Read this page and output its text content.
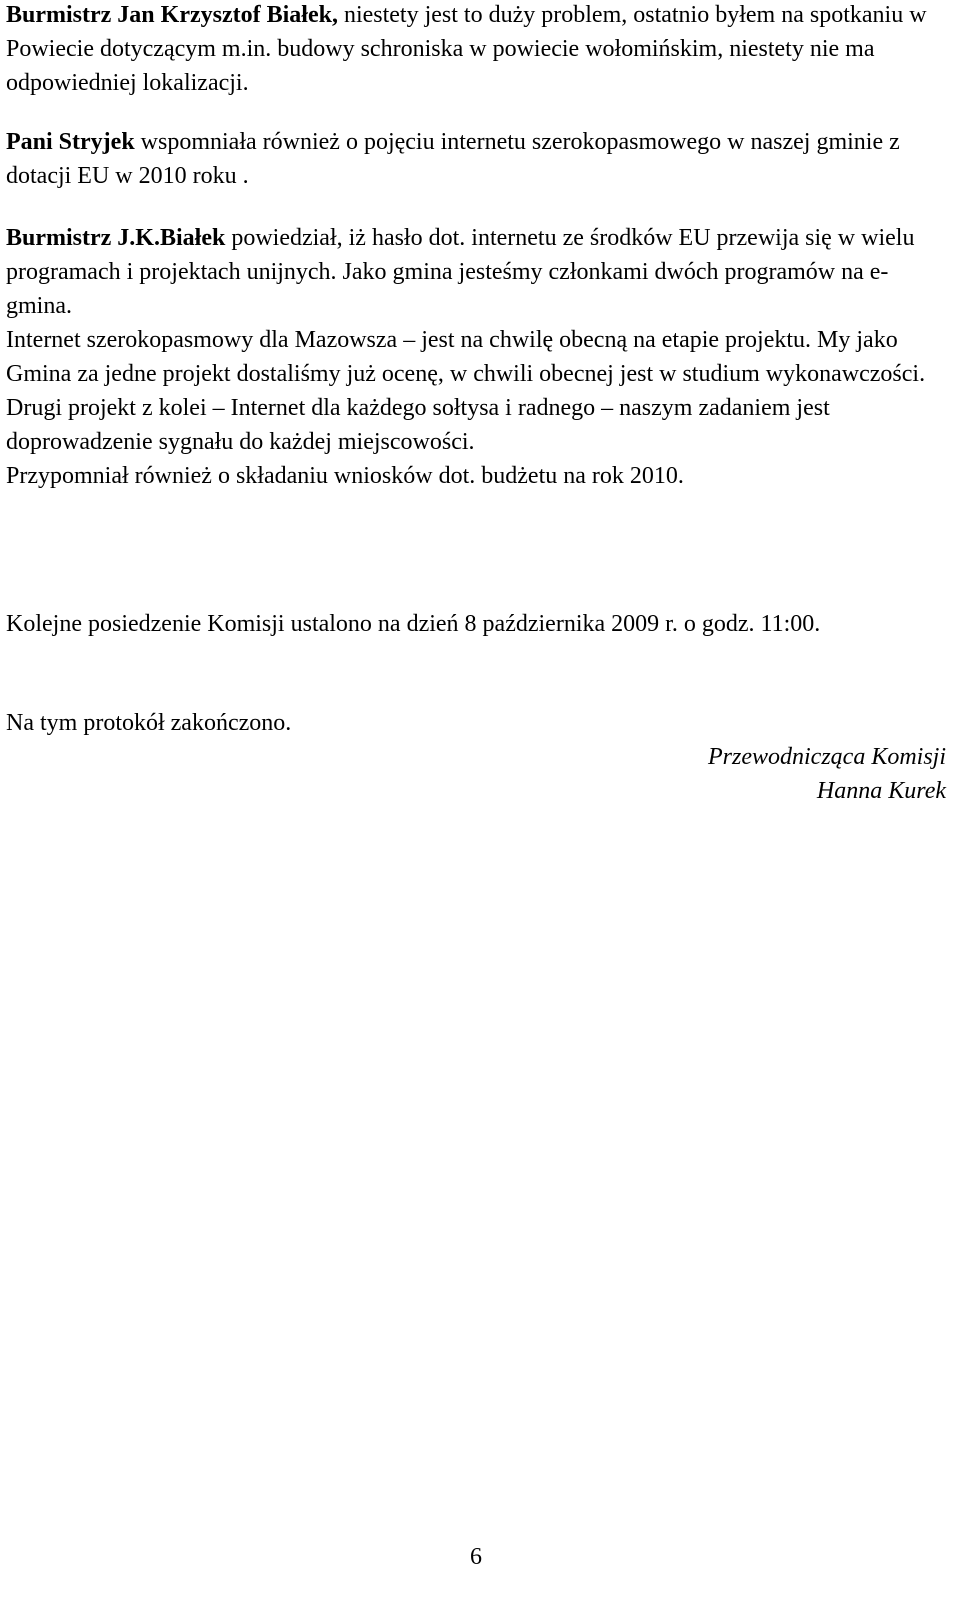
Burmistrz Jan Krzysztof Białek, niestety jest to duży problem, ostatnio byłem na spotkaniu w Powiecie dotyczącym m.in. budowy schroniska w powiecie wołomińskim, niestety nie ma odpowiedniej lokalizacji.

Pani Stryjek wspomniała również o pojęciu internetu szerokopasmowego w naszej gminie z dotacji EU w 2010 roku .

Burmistrz J.K.Białek powiedział, iż hasło dot. internetu ze środków EU przewija się w wielu programach i projektach unijnych. Jako gmina jesteśmy członkami dwóch programów na e-gmina.
Internet szerokopasmowy dla Mazowsza – jest na chwilę obecną na etapie projektu. My jako Gmina za jedne projekt dostaliśmy już ocenę, w chwili obecnej jest w studium wykonawczości.
Drugi projekt z kolei – Internet dla każdego sołtysa i radnego – naszym zadaniem jest doprowadzenie sygnału do każdej miejscowości.
Przypomniał również o składaniu wniosków dot. budżetu na rok 2010.

Kolejne posiedzenie Komisji ustalono na dzień 8 października 2009 r. o godz. 11:00.

Na tym protokół zakończono.

Przewodnicząca Komisji
Hanna Kurek
6
